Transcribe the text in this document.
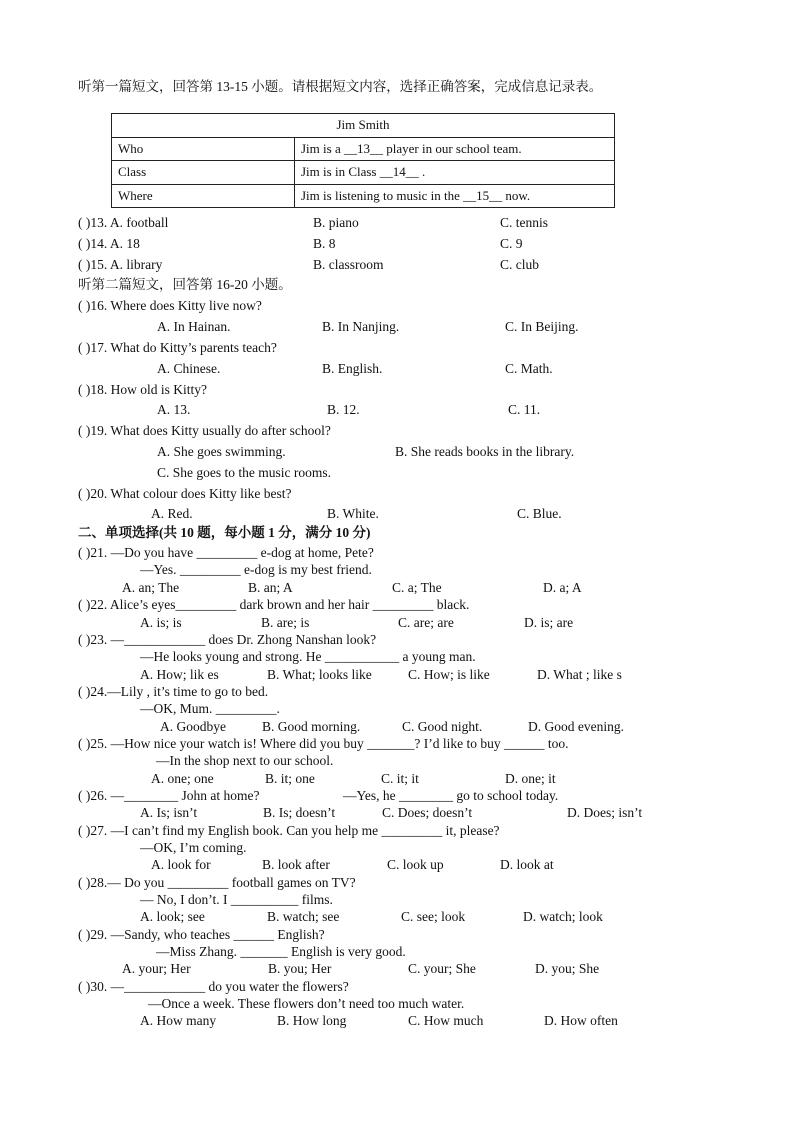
听第一篇短文，回答第 13-15 小题。请根据短文内容，选择正确答案，完成信息记录表。
Jim Smith	
Who	Jim is a __13__ player in our school team.
Class	Jim is in Class __14__ .
Where	Jim is listening to music in the __15__ now.
( )13. A. football	B. piano	C. tennis
( )14. A. 18	B. 8	C. 9
( )15. A. library	B. classroom	C. club
听第二篇短文，回答第 16-20 小题。
( )16. Where does Kitty live now?
A. In Hainan.	B. In Nanjing.	C. In Beijing.
( )17. What do Kitty’s parents teach?
A. Chinese.	B. English.	C. Math.
( )18. How old is Kitty?
A. 13.	B. 12.	C. 11.
( )19. What does Kitty usually do after school?
A. She goes swimming.	B. She reads books in the library.
C. She goes to the music rooms.
( )20. What colour does Kitty like best?
A. Red.	B. White.	C. Blue.
二、单项选择(共 10 题，每小题 1 分，满分 10 分)
( )21. —Do you have _________ e-dog at home, Pete?
—Yes. _________ e-dog is my best friend.
A. an; The	B. an; A	C. a; The	D. a; A
( )22. Alice’s eyes_________ dark brown and her hair _________ black.
A. is; is	B. are; is	C. are; are	D. is; are
( )23. —____________ does Dr. Zhong Nanshan look?
—He looks young and strong. He ___________ a young man.
A. How; lik es	B. What; looks like	C. How; is like	D. What ; like s
( )24.—Lily , it’s time to go to bed.
—OK, Mum. _________.
A. Goodbye	B. Good morning.	C. Good night.	D. Good evening.
( )25. —How nice your watch is! Where did you buy _______? I’d like to buy ______ too.
—In the shop next to our school.
A. one; one	B. it; one	C. it; it	D. one; it
( )26. —________ John at home?	—Yes, he ________ go to school today.
A. Is; isn’t	B. Is; doesn’t	C. Does; doesn’t	D. Does; isn’t
( )27. —I can’t find my English book. Can you help me _________ it, please?
—OK, I’m coming.
A. look for	B. look after	C. look up	D. look at
( )28.— Do you _________ football games on TV?
— No, I don’t. I __________ films.
A. look; see	B. watch; see	C. see; look	D. watch; look
( )29. —Sandy, who teaches ______ English?
—Miss Zhang. _______ English is very good.
A. your; Her	B. you; Her	C. your; She	D. you; She
( )30. —____________ do you water the flowers?
—Once a week. These flowers don’t need too much water.
A. How many	B. How long	C. How much	D. How often
